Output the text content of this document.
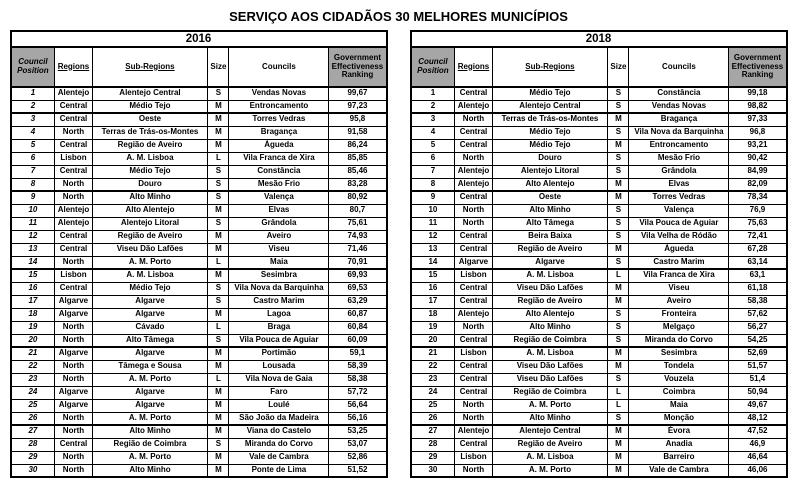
SERVIÇO AOS CIDADÃOS 30 MELHORES MUNICÍPIOS
2016					
Council Position	Regions	Sub-Regions	Size	Councils	Government Effectiveness Ranking
1	Alentejo	Alentejo Central	S	Vendas Novas	99,67
2	Central	Médio Tejo	M	Entroncamento	97,23
3	Central	Oeste	M	Torres Vedras	95,8
4	North	Terras de Trás-os-Montes	M	Bragança	91,58
5	Central	Região de Aveiro	M	Águeda	86,24
6	Lisbon	A. M. Lisboa	L	Vila Franca de Xira	85,85
7	Central	Médio Tejo	S	Constância	85,46
8	North	Douro	S	Mesão Frio	83,28
9	North	Alto Minho	S	Valença	80,92
10	Alentejo	Alto Alentejo	M	Elvas	80,7
11	Alentejo	Alentejo Litoral	S	Grândola	75,61
12	Central	Região de Aveiro	M	Aveiro	74,93
13	Central	Viseu Dão Lafões	M	Viseu	71,46
14	North	A. M. Porto	L	Maia	70,91
15	Lisbon	A. M. Lisboa	M	Sesimbra	69,93
16	Central	Médio Tejo	S	Vila Nova da Barquinha	69,53
17	Algarve	Algarve	S	Castro Marim	63,29
18	Algarve	Algarve	M	Lagoa	60,87
19	North	Cávado	L	Braga	60,84
20	North	Alto Tâmega	S	Vila Pouca de Aguiar	60,09
21	Algarve	Algarve	M	Portimão	59,1
22	North	Tâmega e Sousa	M	Lousada	58,39
23	North	A. M. Porto	L	Vila Nova de Gaia	58,38
24	Algarve	Algarve	M	Faro	57,72
25	Algarve	Algarve	M	Loulé	56,64
26	North	A. M. Porto	M	São João da Madeira	56,16
27	North	Alto Minho	M	Viana do Castelo	53,25
28	Central	Região de Coimbra	S	Miranda do Corvo	53,07
29	North	A. M. Porto	M	Vale de Cambra	52,86
30	North	Alto Minho	M	Ponte de Lima	51,52
2018					
Council Position	Regions	Sub-Regions	Size	Councils	Government Effectiveness Ranking
1	Central	Médio Tejo	S	Constância	99,18
2	Alentejo	Alentejo Central	S	Vendas Novas	98,82
3	North	Terras de Trás-os-Montes	M	Bragança	97,33
4	Central	Médio Tejo	S	Vila Nova da Barquinha	96,8
5	Central	Médio Tejo	M	Entroncamento	93,21
6	North	Douro	S	Mesão Frio	90,42
7	Alentejo	Alentejo Litoral	S	Grândola	84,99
8	Alentejo	Alto Alentejo	M	Elvas	82,09
9	Central	Oeste	M	Torres Vedras	78,34
10	North	Alto Minho	S	Valença	76,9
11	North	Alto Tâmega	S	Vila Pouca de Aguiar	75,63
12	Central	Beira Baixa	S	Vila Velha de Ródão	72,41
13	Central	Região de Aveiro	M	Águeda	67,28
14	Algarve	Algarve	S	Castro Marim	63,14
15	Lisbon	A. M. Lisboa	L	Vila Franca de Xira	63,1
16	Central	Viseu Dão Lafões	M	Viseu	61,18
17	Central	Região de Aveiro	M	Aveiro	58,38
18	Alentejo	Alto Alentejo	S	Fronteira	57,62
19	North	Alto Minho	S	Melgaço	56,27
20	Central	Região de Coimbra	S	Miranda do Corvo	54,25
21	Lisbon	A. M. Lisboa	M	Sesimbra	52,69
22	Central	Viseu Dão Lafões	M	Tondela	51,57
23	Central	Viseu Dão Lafões	S	Vouzela	51,4
24	Central	Região de Coimbra	L	Coimbra	50,94
25	North	A. M. Porto	L	Maia	49,67
26	North	Alto Minho	S	Monção	48,12
27	Alentejo	Alentejo Central	M	Évora	47,52
28	Central	Região de Aveiro	M	Anadia	46,9
29	Lisbon	A. M. Lisboa	M	Barreiro	46,64
30	North	A. M. Porto	M	Vale de Cambra	46,06
